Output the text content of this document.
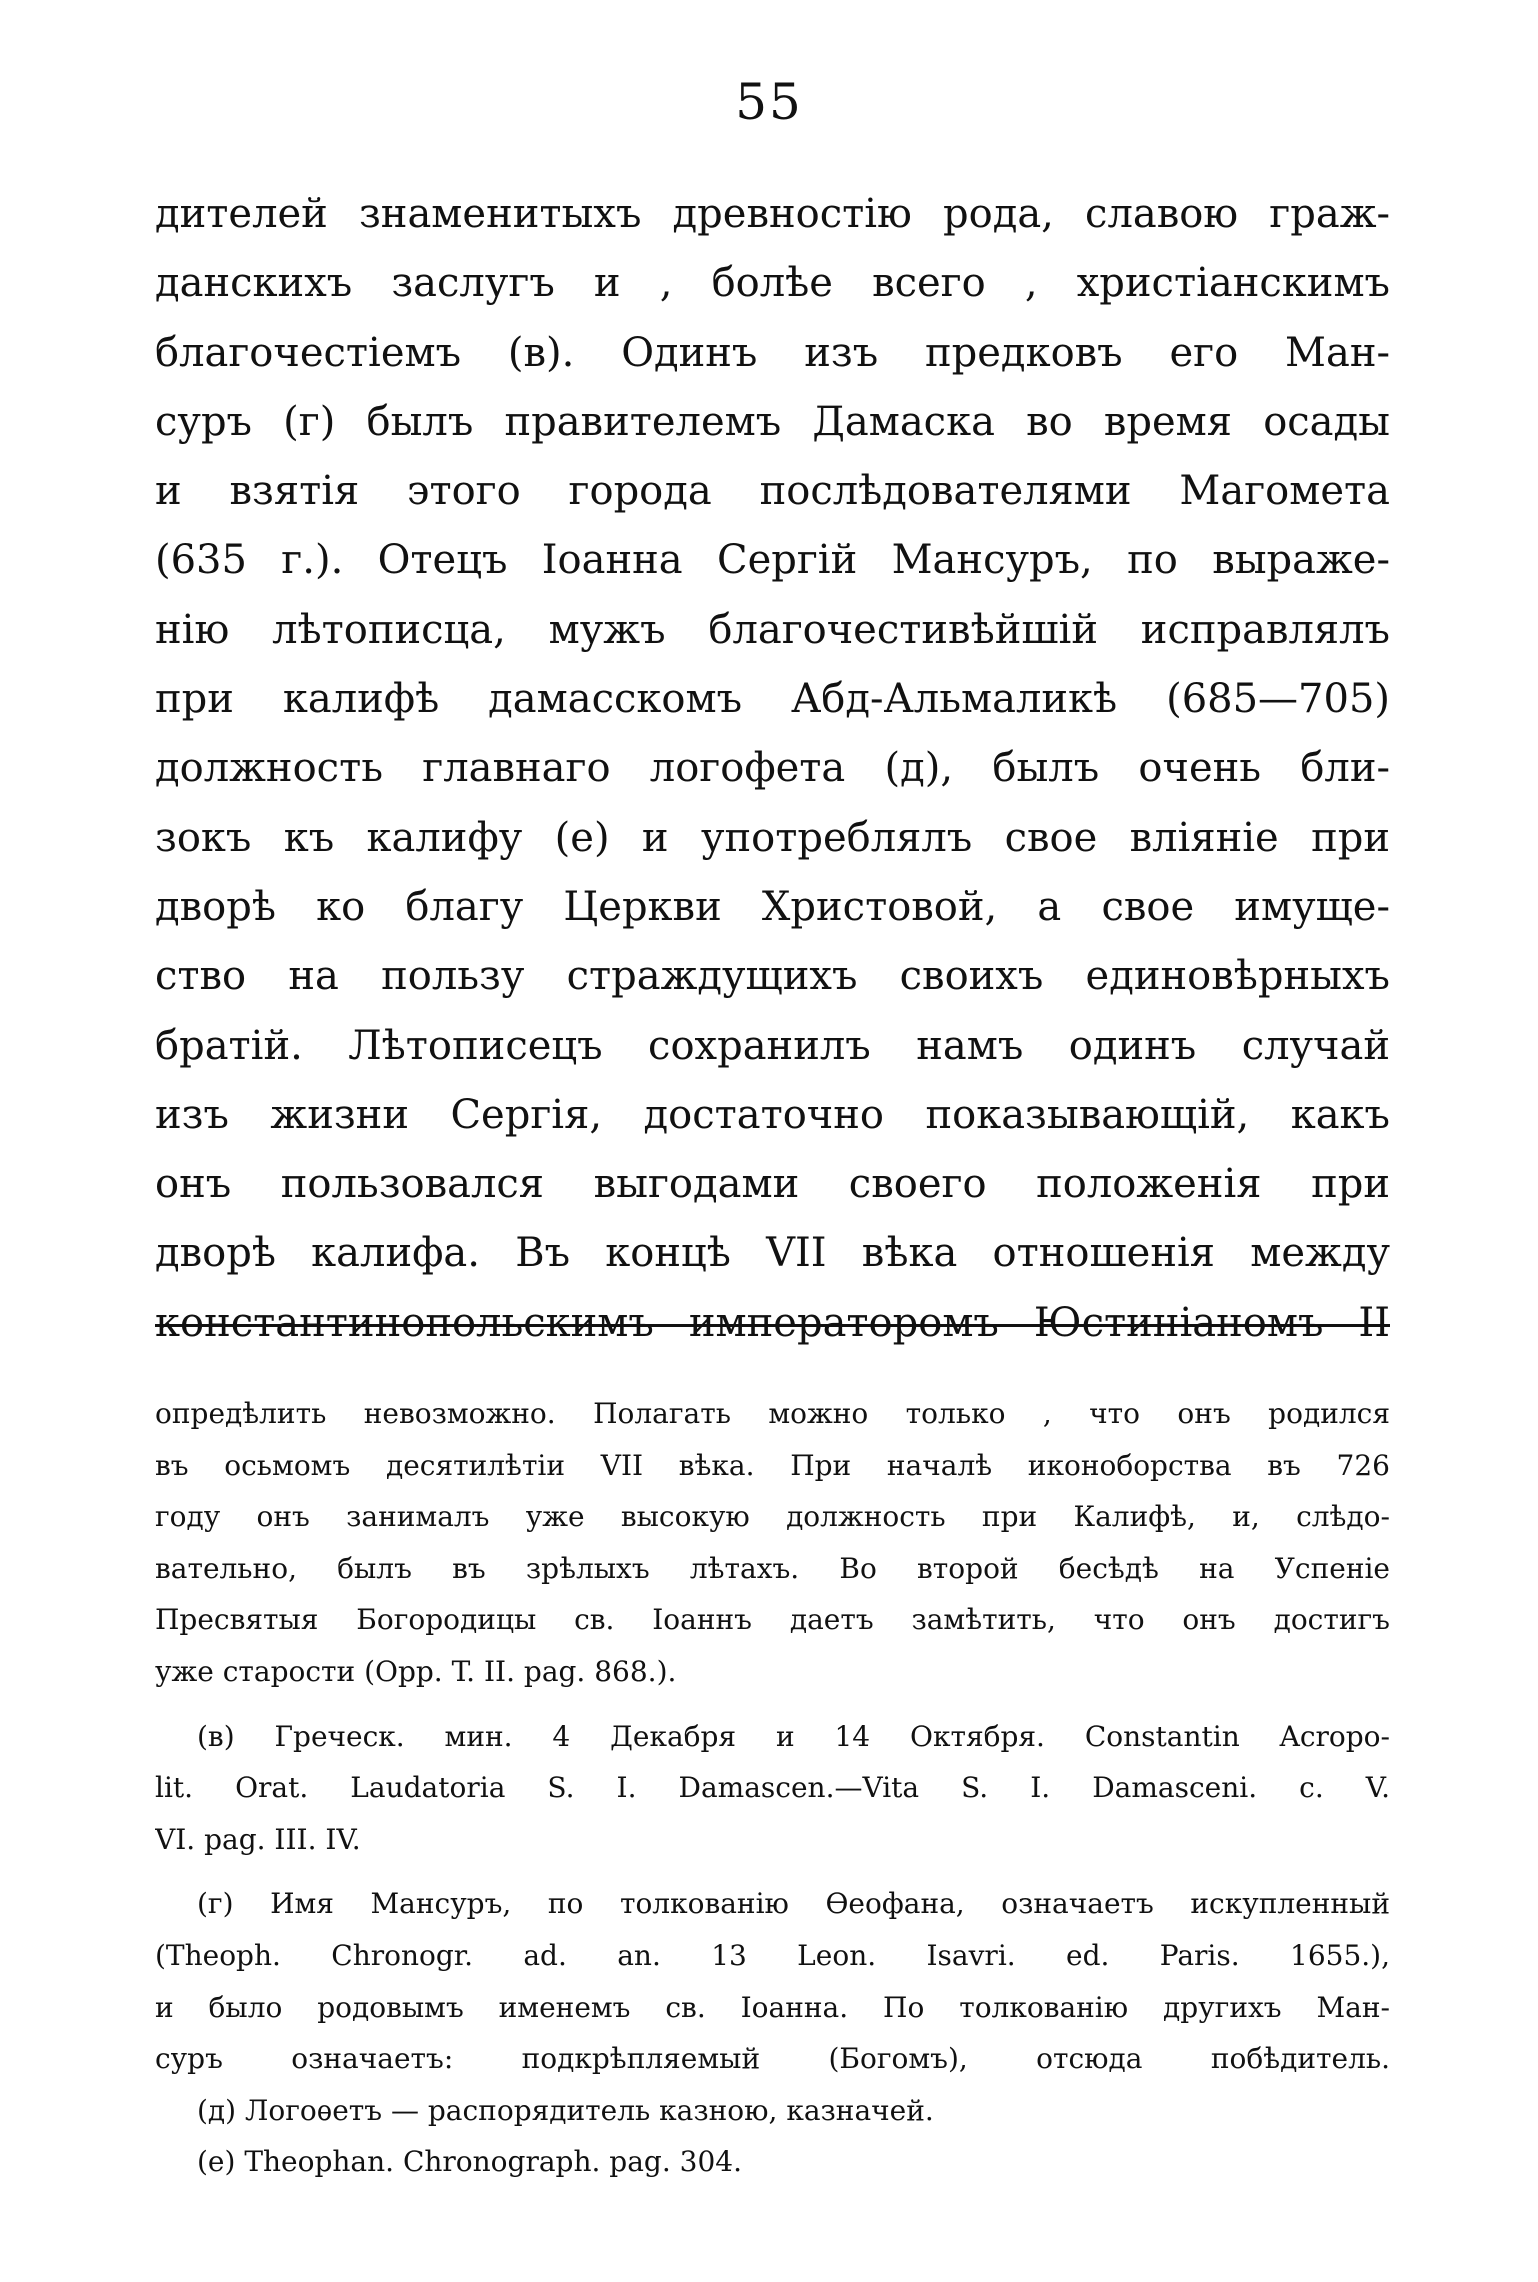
55
дителей знаменитыхъ древностію рода, славою граж-
данскихъ заслугъ и , болѣе всего , христіанскимъ
благочестіемъ (в). Одинъ изъ предковъ его Ман-
суръ (г) былъ правителемъ Дамаска во время осады
и взятія этого города послѣдователями Магомета
(635 г.). Отецъ Іоанна Сергій Мансуръ, по выраже-
нію лѣтописца, мужъ благочестивѣйшій исправлялъ
при калифѣ дамасскомъ Абд-Альмаликѣ (685—705)
должность главнаго логофета (д), былъ очень бли-
зокъ къ калифу (е) и употреблялъ свое вліяніе при
дворѣ ко благу Церкви Христовой, а свое имуще-
ство на пользу страждущихъ своихъ единовѣрныхъ
братій. Лѣтописецъ сохранилъ намъ одинъ случай
изъ жизни Сергія, достаточно показывающій, какъ
онъ пользовался выгодами своего положенія при
дворѣ калифа. Въ концѣ VII вѣка отношенія между
константинопольскимъ императоромъ Юстиніаномъ II
опредѣлить невозможно. Полагать можно только , что онъ родился
въ осьмомъ десятилѣтіи VII вѣка. При началѣ иконоборства въ 726
году онъ занималъ уже высокую должность при Калифѣ, и, слѣдо-
вательно, былъ въ зрѣлыхъ лѣтахъ. Во второй бесѣдѣ на Успеніе
Пресвятыя Богородицы св. Іоаннъ даетъ замѣтить, что онъ достигъ
уже старости (Opp. T. II. pag. 868.).
(в) Греческ. мин. 4 Декабря и 14 Октября. Constantin Acropo-
lit. Orat. Laudatoria S. I. Damascen.—Vita S. I. Damasceni. c. V.
VI. pag. III. IV.
(г) Имя Мансуръ, по толкованію Ѳеофана, означаетъ искупленный
(Theoph. Chronogr. ad. an. 13 Leon. Isavri. ed. Paris. 1655.),
и было родовымъ именемъ св. Іоанна. По толкованію другихъ Ман-
суръ означаетъ: подкрѣпляемый (Богомъ), отсюда побѣдитель.
(д) Логоѳетъ — распорядитель казною, казначей.
(е) Theophan. Chronograph. pag. 304.
